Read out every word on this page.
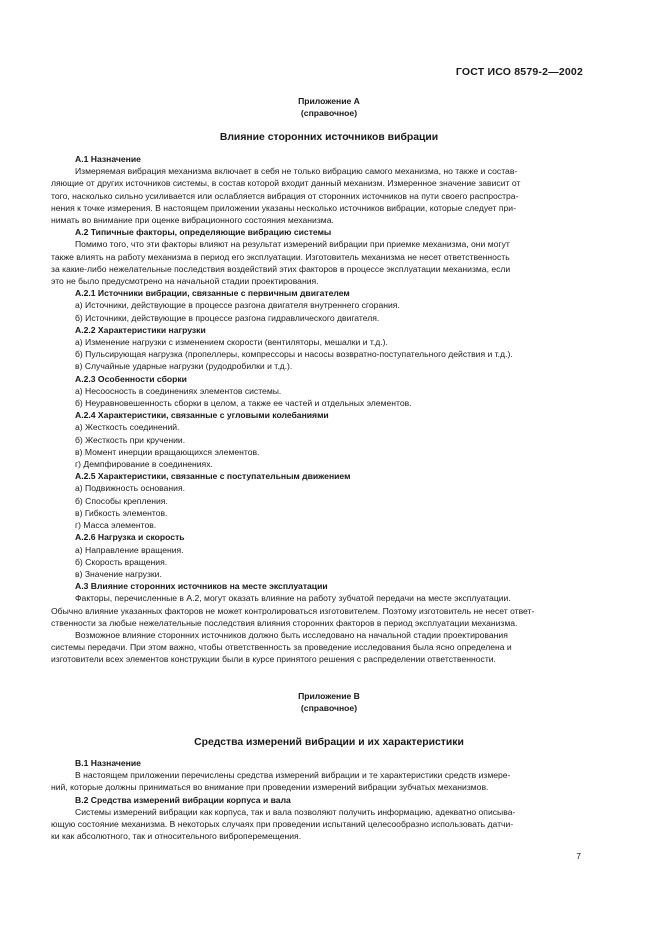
ГОСТ ИСО 8579-2—2002
Приложение А
(справочное)
Влияние сторонних источников вибрации

А.1 Назначение

Измеряемая вибрация механизма включает в себя не только вибрацию самого механизма, но также и состав-

ляющие от других источников системы, в состав которой входит данный механизм. Измеренное значение зависит от

того, насколько сильно усиливается или ослабляется вибрация от сторонних источников на пути своего распростра-

нения к точке измерения. В настоящем приложении указаны несколько источников вибрации, которые следует при-

нимать во внимание при оценке вибрационного состояния механизма.

А.2 Типичные факторы, определяющие вибрацию системы

Помимо того, что эти факторы влияют на результат измерений вибрации при приемке механизма, они могут

также влиять на работу механизма в период его эксплуатации. Изготовитель механизма не несет ответственность

за какие-либо нежелательные последствия воздействий этих факторов в процессе эксплуатации механизма, если

это не было предусмотрено на начальной стадии проектирования.

А.2.1 Источники вибрации, связанные с первичным двигателем

а) Источники, действующие в процессе разгона двигателя внутреннего сгорания.

б) Источники, действующие в процессе разгона гидравлического двигателя.

А.2.2 Характеристики нагрузки

а) Изменение нагрузки с изменением скорости (вентиляторы, мешалки и т.д.).

б) Пульсирующая нагрузка (пропеллеры, компрессоры и насосы возвратно-поступательного действия и т.д.).

в) Случайные ударные нагрузки (рудодробилки и т.д.).

А.2.3 Особенности сборки

а) Несоосность в соединениях элементов системы.

б) Неуравновешенность сборки в целом, а также ее частей и отдельных элементов.

А.2.4 Характеристики, связанные с угловыми колебаниями

а) Жесткость соединений.

б) Жесткость при кручении.

в) Момент инерции вращающихся элементов.

г) Демпфирование в соединениях.

А.2.5 Характеристики, связанные с поступательным движением

а) Подвижность основания.

б) Способы крепления.

в) Гибкость элементов.

г) Масса элементов.

А.2.6 Нагрузка и скорость

а) Направление вращения.

б) Скорость вращения.

в) Значение нагрузки.

А.3 Влияние сторонних источников на месте эксплуатации

Факторы, перечисленные в А.2, могут оказать влияние на работу зубчатой передачи на месте эксплуатации.

Обычно влияние указанных факторов не может контролироваться изготовителем. Поэтому изготовитель не несет ответ-

ственности за любые нежелательные последствия влияния сторонних факторов в период эксплуатации механизма.

Возможное влияние сторонних источников должно быть исследовано на начальной стадии проектирования

системы передачи. При этом важно, чтобы ответственность за проведение исследования была ясно определена и

изготовители всех элементов конструкции были в курсе принятого решения с распределении ответственности.

Приложение В
(справочное)
Средства измерений вибрации и их характеристики

В.1 Назначение

В настоящем приложении перечислены средства измерений вибрации и те характеристики средств измере-

ний, которые должны приниматься во внимание при проведении измерений вибрации зубчатых механизмов.

В.2 Средства измерений вибрации корпуса и вала

Системы измерений вибрации как корпуса, так и вала позволяют получить информацию, адекватно описыва-

ющую состояние механизма. В некоторых случаях при проведении испытаний целесообразно использовать датчи-

ки как абсолютного, так и относительного виброперемещения.

7
